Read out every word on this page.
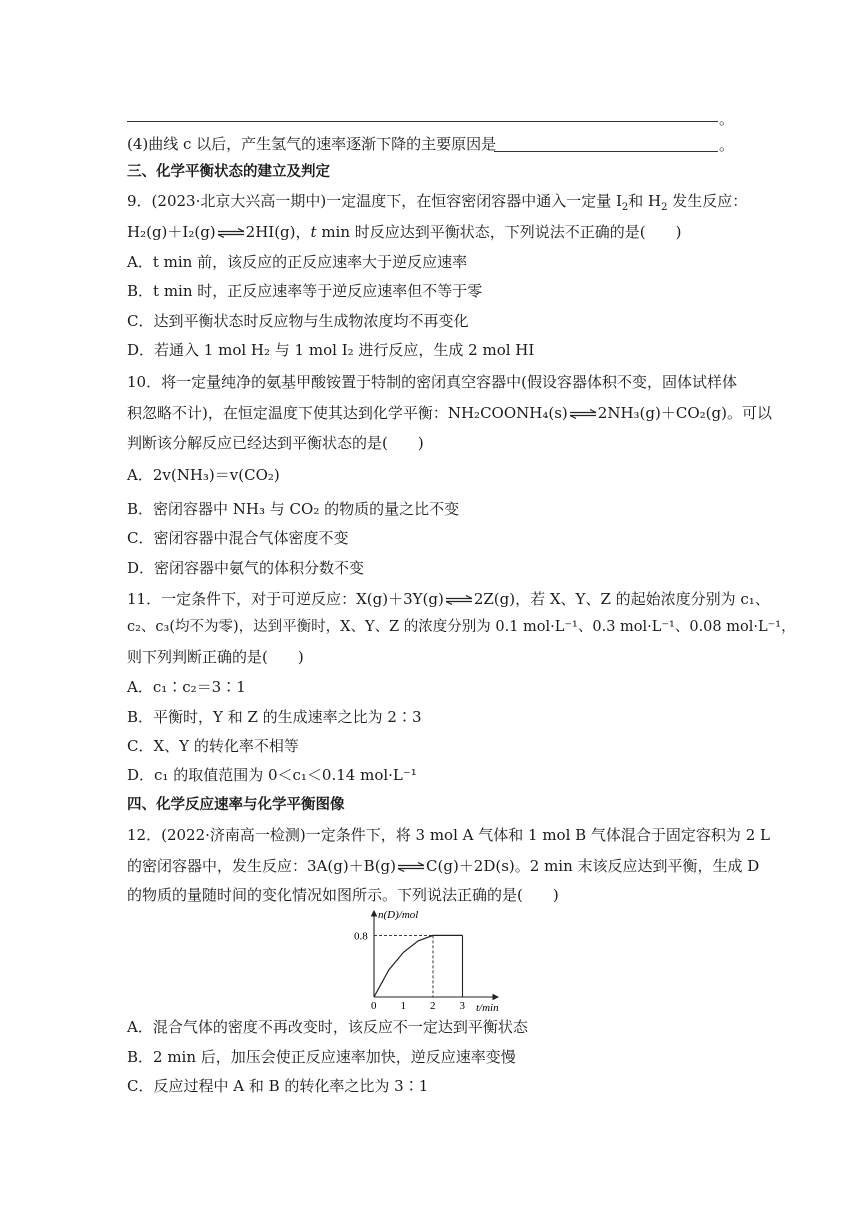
。
(4)曲线 c 以后，产生氢气的速率逐渐下降的主要原因是	。
三、化学平衡状态的建立及判定
9．(2023·北京大兴高一期中)一定温度下，在恒容密闭容器中通入一定量 $I_2$和 $H_2$ 发生反应：
H₂(g)＋I₂(g)⇌2HI(g)，t min 时反应达到平衡状态，下列说法不正确的是(　　)
A．t min 前，该反应的正反应速率大于逆反应速率
B．t min 时，正反应速率等于逆反应速率但不等于零
C．达到平衡状态时反应物与生成物浓度均不再变化
D．若通入 1 mol H₂ 与 1 mol I₂ 进行反应，生成 2 mol HI
10．将一定量纯净的氨基甲酸铵置于特制的密闭真空容器中(假设容器体积不变，固体试样体
积忽略不计)，在恒定温度下使其达到化学平衡：NH₂COONH₄(s)⇌2NH₃(g)＋CO₂(g)。可以
判断该分解反应已经达到平衡状态的是(　　)
A．2v(NH₃)＝v(CO₂)
B．密闭容器中 NH₃ 与 CO₂ 的物质的量之比不变
C．密闭容器中混合气体密度不变
D．密闭容器中氨气的体积分数不变
11．一定条件下，对于可逆反应：X(g)＋3Y(g)⇌2Z(g)，若 X、Y、Z 的起始浓度分别为 c₁、
c₂、c₃(均不为零)，达到平衡时，X、Y、Z 的浓度分别为 0.1 mol·L⁻¹、0.3 mol·L⁻¹、0.08 mol·L⁻¹，
则下列判断正确的是(　　)
A．c₁∶c₂＝3∶1
B．平衡时，Y 和 Z 的生成速率之比为 2∶3
C．X、Y 的转化率不相等
D．c₁ 的取值范围为 0＜c₁＜0.14 mol·L⁻¹
四、化学反应速率与化学平衡图像
12．(2022·济南高一检测)一定条件下，将 3 mol A 气体和 1 mol B 气体混合于固定容积为 2 L
的密闭容器中，发生反应：3A(g)＋B(g)⇌C(g)＋2D(s)。2 min 末该反应达到平衡，生成 D
的物质的量随时间的变化情况如图所示。下列说法正确的是(　　)
n(D)/mol
t/min
0.8
0 1 2 3
A．混合气体的密度不再改变时，该反应不一定达到平衡状态
B．2 min 后，加压会使正反应速率加快，逆反应速率变慢
C．反应过程中 A 和 B 的转化率之比为 3∶1
